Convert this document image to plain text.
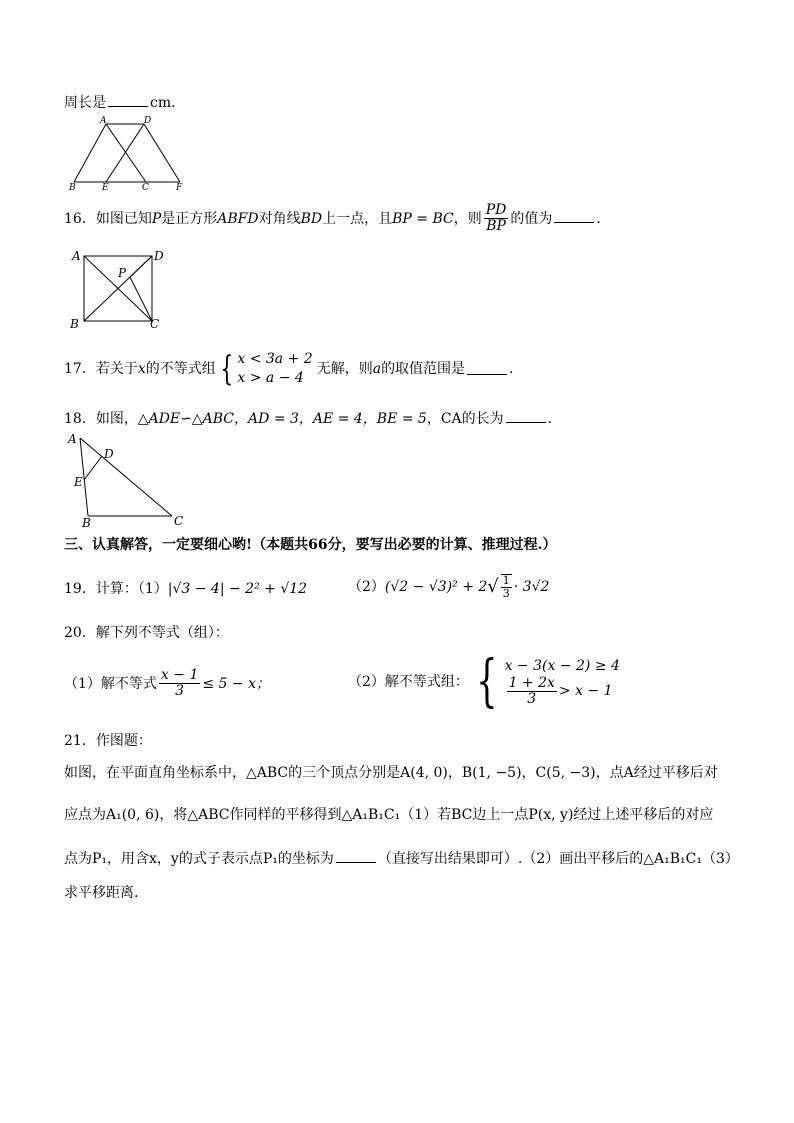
周长是	cm．
A	D
B	E	C	F
16．如图已知P是正方形ABFD对角线BD上一点，且BP = BC，则 $\frac{PD}{BP}$ 的值为	．
A	D
P
B	C
17． 若关于 x 的不等式组 { x < 3a + 2
x > a − 4
无解，则 a 的取值范围是	．
18．如图，△ADE∽△ABC，AD = 3，AE = 4，BE = 5，CA的长为	．
A
D
E
B	C
三、认真解答，一定要细心哟!（本题共66分，要写出必要的计算、推理过程.）
19．计算：（1）|√3 − 4| − 2² + √12	（2） (√2 − √3)² + 2 √ $\frac{1}{3} \cdot 3√2$
20．解下列不等式（组）：
（1）解不等式 $\frac{x - 1}{3} \le 5 - x$；	（2）解不等式组： { x − 3(x − 2) ≥ 4
$\frac{1 + 2x}{3} > x - 1$
21．作图题：
如图，在平面直角坐标系中，△ABC的三个顶点分别是A(4, 0)，B(1, −5)，C(5, −3)，点A经过平移后对
应点为A₁(0, 6)，将△ABC作同样的平移得到△A₁B₁C₁（1）若BC边上一点P(x, y)经过上述平移后的对应
点为P₁，用含x，y的式子表示点P₁的坐标为	（直接写出结果即可）.（2）画出平移后的△A₁B₁C₁（3）
求平移距离.
